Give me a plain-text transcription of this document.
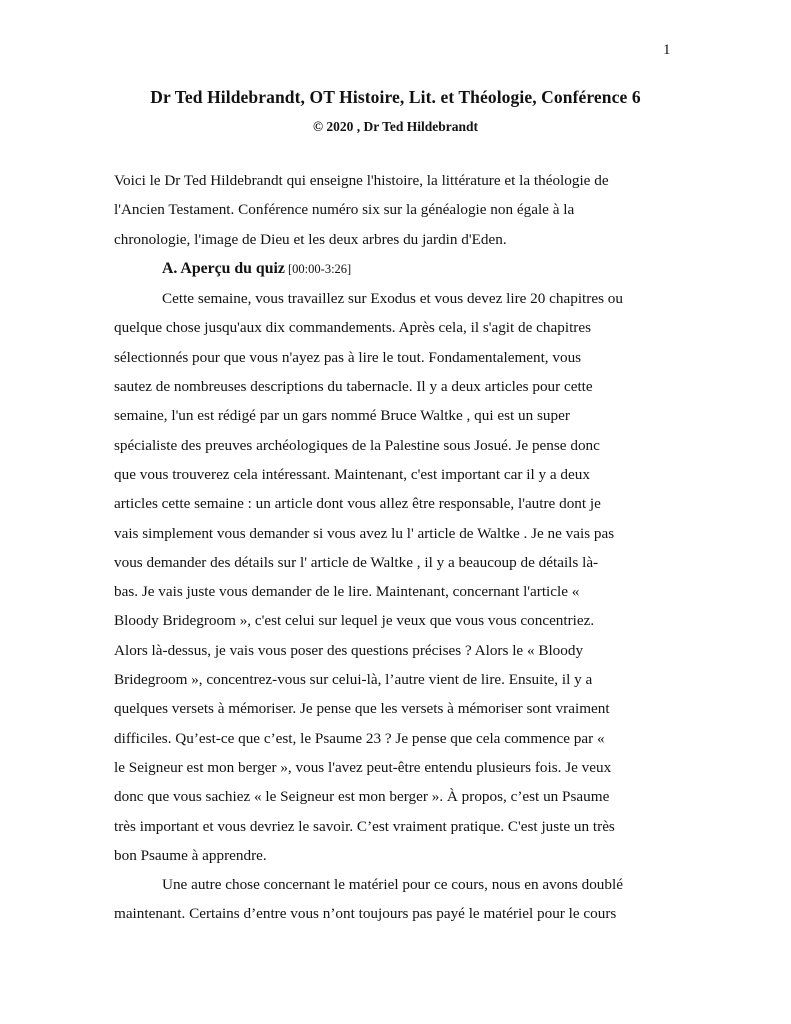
1
Dr Ted Hildebrandt, OT Histoire, Lit. et Théologie, Conférence 6
© 2020 , Dr Ted Hildebrandt
Voici le Dr Ted Hildebrandt qui enseigne l'histoire, la littérature et la théologie de
l'Ancien Testament. Conférence numéro six sur la généalogie non égale à la
chronologie, l'image de Dieu et les deux arbres du jardin d'Eden.
A. Aperçu du quiz [00:00-3:26]
Cette semaine, vous travaillez sur Exodus et vous devez lire 20 chapitres ou
quelque chose jusqu'aux dix commandements. Après cela, il s'agit de chapitres
sélectionnés pour que vous n'ayez pas à lire le tout. Fondamentalement, vous
sautez de nombreuses descriptions du tabernacle. Il y a deux articles pour cette
semaine, l'un est rédigé par un gars nommé Bruce Waltke , qui est un super
spécialiste des preuves archéologiques de la Palestine sous Josué. Je pense donc
que vous trouverez cela intéressant. Maintenant, c'est important car il y a deux
articles cette semaine : un article dont vous allez être responsable, l'autre dont je
vais simplement vous demander si vous avez lu l' article de Waltke . Je ne vais pas
vous demander des détails sur l' article de Waltke , il y a beaucoup de détails là-
bas. Je vais juste vous demander de le lire. Maintenant, concernant l'article «
Bloody Bridegroom », c'est celui sur lequel je veux que vous vous concentriez.
Alors là-dessus, je vais vous poser des questions précises ? Alors le « Bloody
Bridegroom », concentrez-vous sur celui-là, l’autre vient de lire. Ensuite, il y a
quelques versets à mémoriser. Je pense que les versets à mémoriser sont vraiment
difficiles. Qu’est-ce que c’est, le Psaume 23 ? Je pense que cela commence par «
le Seigneur est mon berger », vous l'avez peut-être entendu plusieurs fois. Je veux
donc que vous sachiez « le Seigneur est mon berger ». À propos, c’est un Psaume
très important et vous devriez le savoir. C’est vraiment pratique. C'est juste un très
bon Psaume à apprendre.
Une autre chose concernant le matériel pour ce cours, nous en avons doublé
maintenant. Certains d’entre vous n’ont toujours pas payé le matériel pour le cours
